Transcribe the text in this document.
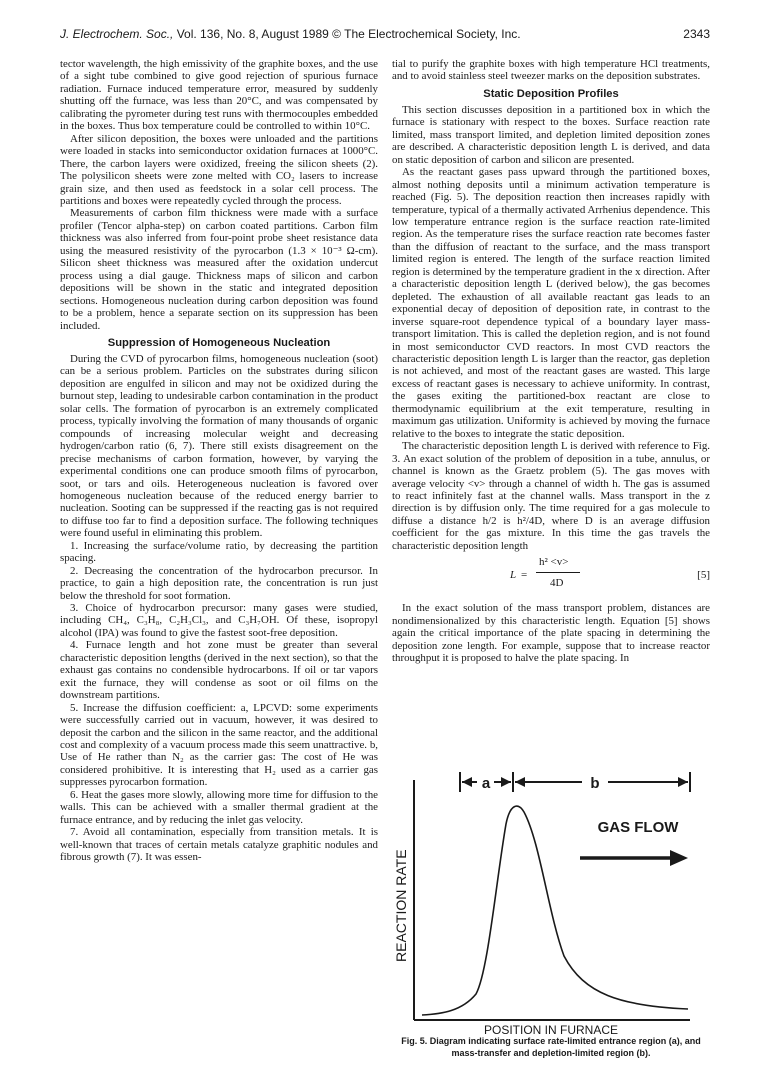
J. Electrochem. Soc., Vol. 136, No. 8, August 1989 © The Electrochemical Society, Inc.	2343

tector wavelength, the high emissivity of the graphite boxes, and the use of a sight tube combined to give good rejection of spurious furnace radiation. Furnace induced temperature error, measured by suddenly shutting off the furnace, was less than 20°C, and was compensated by calibrating the pyrometer during test runs with thermocouples embedded in the boxes. Thus box temperature could be controlled to within 10°C.

After silicon deposition, the boxes were unloaded and the partitions were loaded in stacks into semiconductor oxidation furnaces at 1000°C. There, the carbon layers were oxidized, freeing the silicon sheets (2). The polysilicon sheets were zone melted with CO₂ lasers to increase grain size, and then used as feedstock in a solar cell process. The partitions and boxes were repeatedly cycled through the process.

Measurements of carbon film thickness were made with a surface profiler (Tencor alpha-step) on carbon coated partitions. Carbon film thickness was also inferred from four-point probe sheet resistance data using the measured resistivity of the pyrocarbon (1.3 × 10⁻³ Ω-cm). Silicon sheet thickness was measured after the oxidation undercut process using a dial gauge. Thickness maps of silicon and carbon depositions will be shown in the static and integrated deposition sections. Homogeneous nucleation during carbon deposition was found to be a problem, hence a separate section on its suppression has been included.

Suppression of Homogeneous Nucleation

During the CVD of pyrocarbon films, homogeneous nucleation (soot) can be a serious problem. Particles on the substrates during silicon deposition are engulfed in silicon and may not be oxidized during the burnout step, leading to undesirable carbon contamination in the product solar cells. The formation of pyrocarbon is an extremely complicated process, typically involving the formation of many thousands of organic compounds of increasing molecular weight and decreasing hydrogen/carbon ratio (6, 7). There still exists disagreement on the precise mechanisms of carbon formation, however, by varying the experimental conditions one can produce smooth films of pyrocarbon, soot, or tars and oils. Heterogeneous nucleation is favored over homogeneous nucleation because of the reduced energy barrier to nucleation. Sooting can be suppressed if the reacting gas is not required to diffuse too far to find a deposition surface. The following techniques were found useful in eliminating this problem.

1. Increasing the surface/volume ratio, by decreasing the partition spacing.
2. Decreasing the concentration of the hydrocarbon precursor. In practice, to gain a high deposition rate, the concentration is run just below the threshold for soot formation.
3. Choice of hydrocarbon precursor: many gases were studied, including CH₄, C₃H₈, C₂H₃Cl₃, and C₃H₇OH. Of these, isopropyl alcohol (IPA) was found to give the fastest soot-free deposition.
4. Furnace length and hot zone must be greater than several characteristic deposition lengths (derived in the next section), so that the exhaust gas contains no condensible hydrocarbons. If oil or tar vapors exit the furnace, they will condense as soot or oil films on the downstream partitions.
5. Increase the diffusion coefficient: a, LPCVD: some experiments were successfully carried out in vacuum, however, it was desired to deposit the carbon and the silicon in the same reactor, and the additional cost and complexity of a vacuum process made this seem unattractive. b, Use of He rather than N₂ as the carrier gas: The cost of He was considered prohibitive. It is interesting that H₂ used as a carrier gas suppresses pyrocarbon formation.
6. Heat the gases more slowly, allowing more time for diffusion to the walls. This can be achieved with a smaller thermal gradient at the furnace entrance, and by reducing the inlet gas velocity.
7. Avoid all contamination, especially from transition metals. It is well-known that traces of certain metals catalyze graphitic nodules and fibrous growth (7). It was essen-

tial to purify the graphite boxes with high temperature HCl treatments, and to avoid stainless steel tweezer marks on the deposition substrates.

Static Deposition Profiles

This section discusses deposition in a partitioned box in which the furnace is stationary with respect to the boxes. Surface reaction rate limited, mass transport limited, and depletion limited deposition zones are described. A characteristic deposition length L is derived, and data on static deposition of carbon and silicon are presented.

As the reactant gases pass upward through the partitioned boxes, almost nothing deposits until a minimum activation temperature is reached (Fig. 5). The deposition reaction then increases rapidly with temperature, typical of a thermally activated Arrhenius dependence. This low temperature entrance region is the surface reaction rate-limited region. As the temperature rises the surface reaction rate becomes faster than the diffusion of reactant to the surface, and the mass transport limited region is entered. The length of the surface reaction limited region is determined by the temperature gradient in the x direction. After a characteristic deposition length L (derived below), the gas becomes depleted. The exhaustion of all available reactant gas leads to an exponential decay of deposition of deposition rate, in contrast to the inverse square-root dependence typical of a boundary layer mass-transport limitation. This is called the depletion region, and is not found in most semiconductor CVD reactors. In most CVD reactors the characteristic deposition length L is larger than the reactor, gas depletion is not achieved, and most of the reactant gases are wasted. This large excess of reactant gases is necessary to achieve uniformity. In contrast, the gases exiting the partitioned-box reactant are close to thermodynamic equilibrium at the exit temperature, resulting in maximum gas utilization. Uniformity is achieved by moving the furnace relative to the boxes to integrate the static deposition.

The characteristic deposition length L is derived with reference to Fig. 3. An exact solution of the problem of deposition in a tube, annulus, or channel is known as the Graetz problem (5). The gas moves with average velocity <v> through a channel of width h. The gas is assumed to react infinitely fast at the channel walls. Mass transport in the z direction is by diffusion only. The time required for a gas molecule to diffuse a distance h/2 is h²/4D, where D is an average diffusion coefficient for the gas mixture. In this time the gas travels the characteristic deposition length

L =
h² <v>
4D
[5]

In the exact solution of the mass transport problem, distances are nondimensionalized by this characteristic length. Equation [5] shows again the critical importance of the plate spacing in determining the deposition zone length. For example, suppose that to increase reactor throughput it is proposed to halve the plate spacing. In

a	b
GAS FLOW
REACTION RATE
POSITION IN FURNACE
Fig. 5. Diagram indicating surface rate-limited entrance region (a), and mass-transfer and depletion-limited region (b).
